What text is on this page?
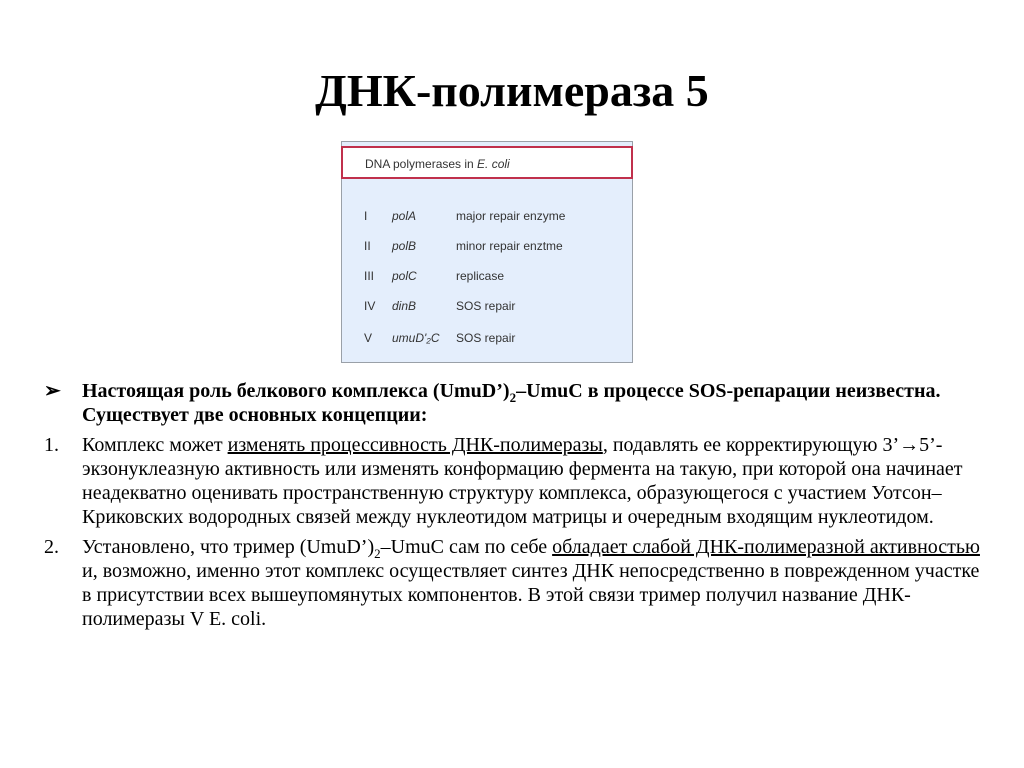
ДНК-полимераза 5
DNA polymerases in E. coli
I polA	major repair enzyme
II polB	minor repair enztme
III polC	replicase
IV dinB	SOS repair
V umuD'₂C SOS repair
➢ Настоящая роль белкового комплекса $(UmuD’)_2$–UmuC в процессе SOS-репарации неизвестна. Существует две основных концепции:
1. Комплекс может изменять процессивность ДНК-полимеразы, подавлять ее корректирующую 3’→5’-экзонуклеазную активность или изменять конформацию фермента на такую, при которой она начинает неадекватно оценивать пространственную структуру комплекса, образующегося с участием Уотсон–Криковских водородных связей между нуклеотидом матрицы и очередным входящим нуклеотидом.
2. Установлено, что тример $(UmuD’)_2$–UmuC сам по себе обладает слабой ДНК-полимеразной активностью и, возможно, именно этот комплекс осуществляет синтез ДНК непосредственно в поврежденном участке в присутствии всех вышеупомянутых компонентов. В этой связи тример получил название ДНК-полимеразы V E. coli.
